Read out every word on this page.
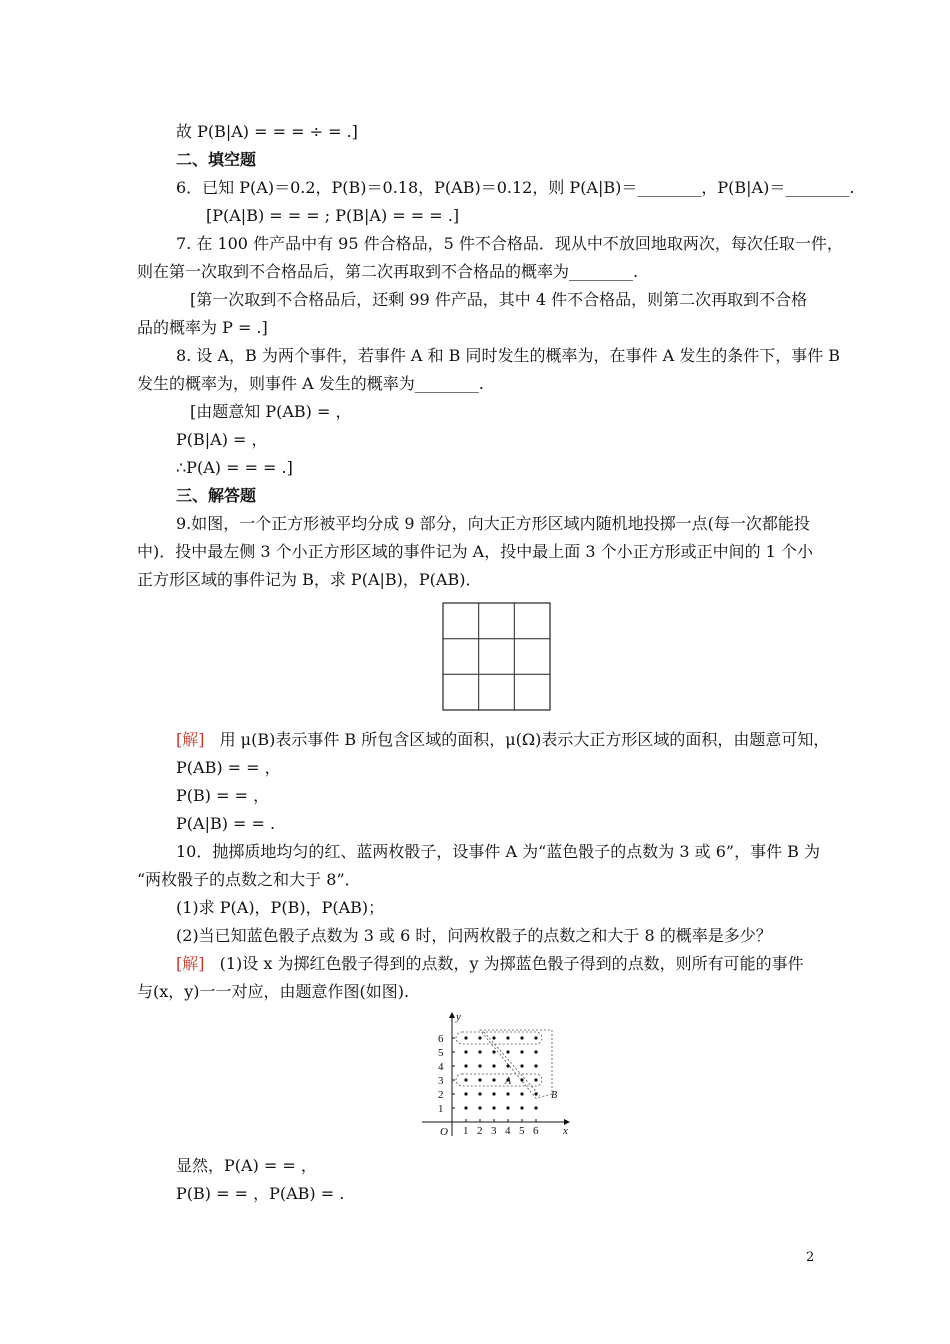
故 P(B|A) = = = ÷ = .]
二、填空题
6．已知 P(A)＝0.2，P(B)＝0.18，P(AB)＝0.12，则 P(A|B)＝________，P(B|A)＝________.
[P(A|B) = = = ; P(B|A) = = = .]
7. 在 100 件产品中有 95 件合格品，5 件不合格品．现从中不放回地取两次，每次任取一件，
则在第一次取到不合格品后，第二次再取到不合格品的概率为________.
[第一次取到不合格品后，还剩 99 件产品，其中 4 件不合格品，则第二次再取到不合格
品的概率为 P = .]
8. 设 A，B 为两个事件，若事件 A 和 B 同时发生的概率为，在事件 A 发生的条件下，事件 B
发生的概率为，则事件 A 发生的概率为________.
[由题意知 P(AB) = ，
P(B|A) = ，
∴P(A) = = = .]
三、解答题
9.如图，一个正方形被平均分成 9 部分，向大正方形区域内随机地投掷一点(每一次都能投
中)．投中最左侧 3 个小正方形区域的事件记为 A，投中最上面 3 个小正方形或正中间的 1 个小
正方形区域的事件记为 B，求 P(A|B)，P(AB)．
[解] 用 μ(B)表示事件 B 所包含区域的面积，μ(Ω)表示大正方形区域的面积，由题意可知，
P(AB) = = ，
P(B) = = ，
P(A|B) = = .
10．抛掷质地均匀的红、蓝两枚骰子，设事件 A 为“蓝色骰子的点数为 3 或 6”，事件 B 为
“两枚骰子的点数之和大于 8”．
(1)求 P(A)，P(B)，P(AB)；
(2)当已知蓝色骰子点数为 3 或 6 时，问两枚骰子的点数之和大于 8 的概率是多少？
[解] (1)设 x 为掷红色骰子得到的点数，y 为掷蓝色骰子得到的点数，则所有可能的事件
与(x，y)一一对应，由题意作图(如图).
x
y
O 1 2 3 4 5 6
1
2
3
4
5
6
A
B
显然，P(A) = = ，
P(B) = = ，P(AB) = .
2
